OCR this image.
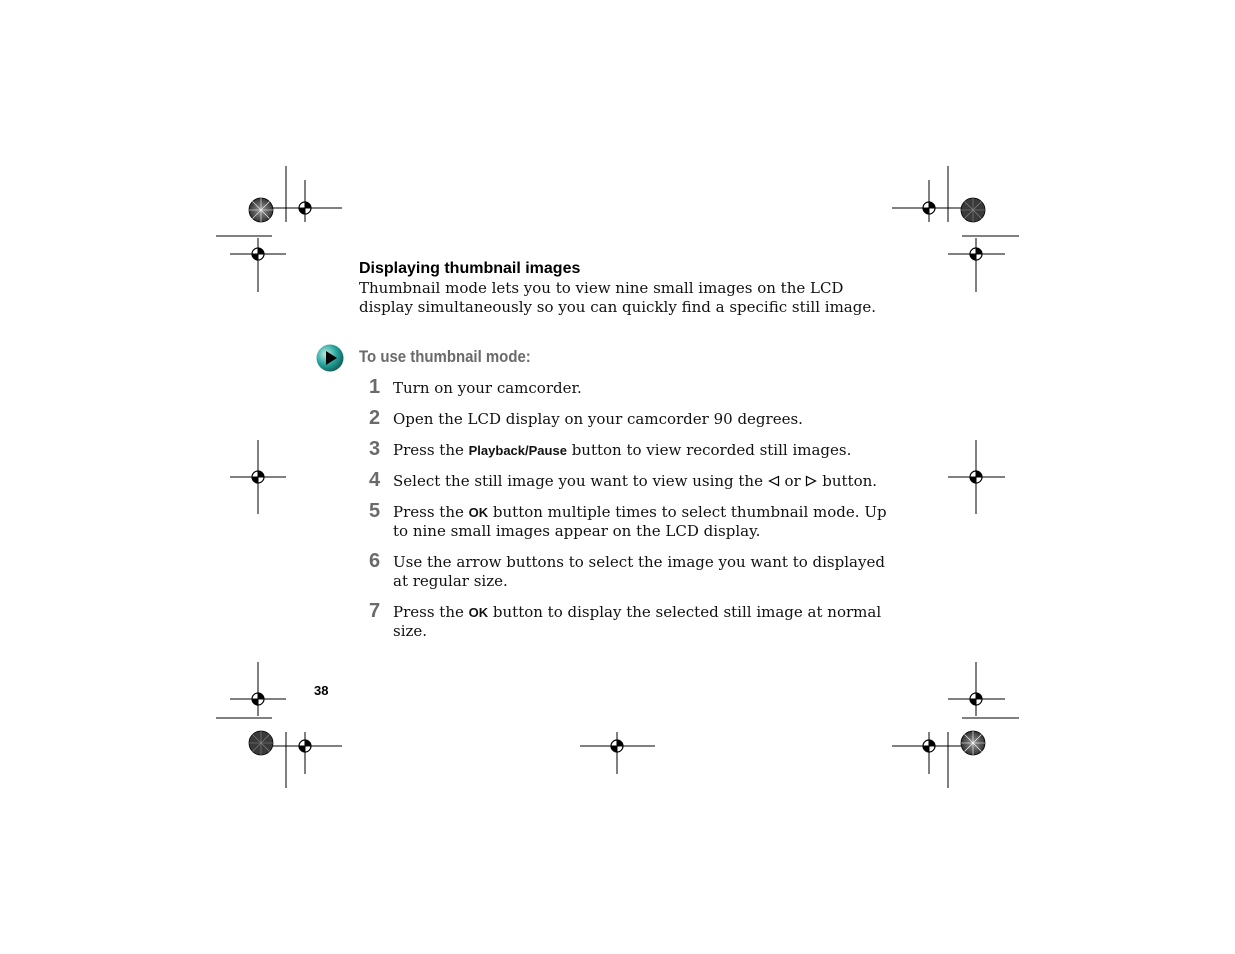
Displaying thumbnail images
Thumbnail mode lets you to view nine small images on the LCD display simultaneously so you can quickly find a specific still image.
To use thumbnail mode:
1 Turn on your camcorder.
2 Open the LCD display on your camcorder 90 degrees.
3 Press the Playback/Pause button to view recorded still images.
4 Select the still image you want to view using the  or  button.
5 Press the OK button multiple times to select thumbnail mode. Up to nine small images appear on the LCD display.
6 Use the arrow buttons to select the image you want to displayed at regular size.
7 Press the OK button to display the selected still image at normal size.
38
